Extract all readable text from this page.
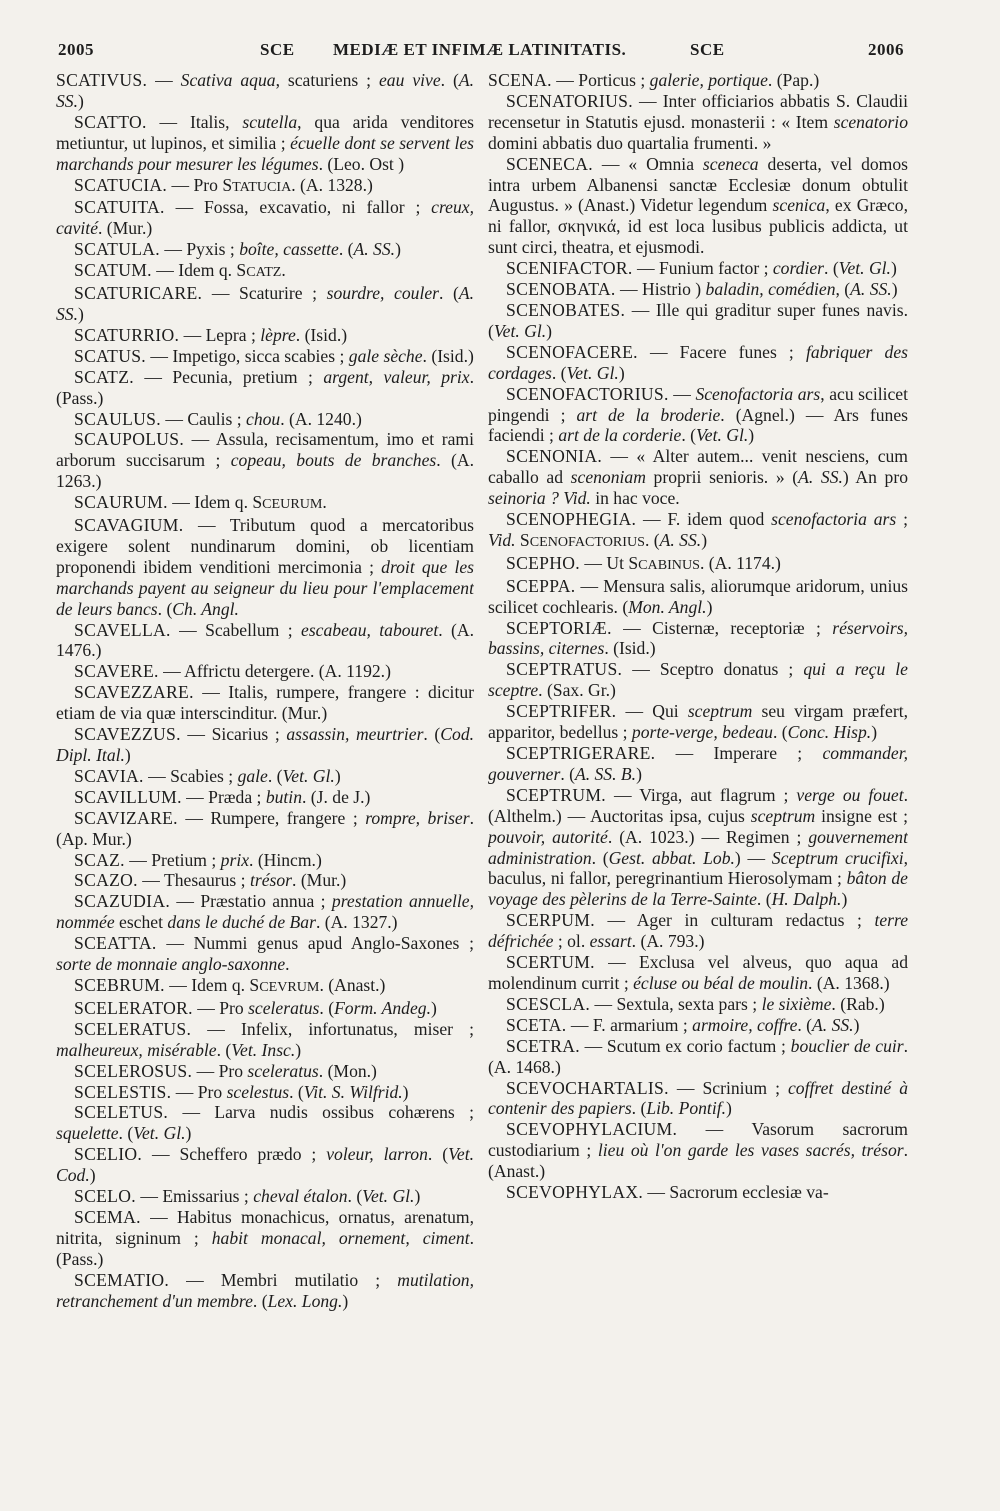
2005	SCE MEDIÆ ET INFIMÆ LATINITATIS.	SCE	2006

SCATIVUS. — Scativa aqua, scaturiens ; eau vive. (A. SS.)

SCATTO. — Italis, scutella, qua arida venditores metiuntur, ut lupinos, et similia ; écuelle dont se servent les marchands pour mesurer les légumes. (Leo. Ost )

SCATUCIA. — Pro STATUCIA. (A. 1328.)

SCATUITA. — Fossa, excavatio, ni fallor ; creux, cavité. (Mur.)

SCATULA. — Pyxis ; boîte, cassette. (A. SS.)

SCATUM. — Idem q. SCATZ.

SCATURICARE. — Scaturire ; sourdre, couler. (A. SS.)

SCATURRIO. — Lepra ; lèpre. (Isid.)

SCATUS. — Impetigo, sicca scabies ; gale sèche. (Isid.)

SCATZ. — Pecunia, pretium ; argent, valeur, prix. (Pass.)

SCAULUS. — Caulis ; chou. (A. 1240.)

SCAUPOLUS. — Assula, recisamentum, imo et rami arborum succisarum ; copeau, bouts de branches. (A. 1263.)

SCAURUM. — Idem q. SCEURUM.

SCAVAGIUM. — Tributum quod a mercatoribus exigere solent nundinarum domini, ob licentiam proponendi ibidem venditioni mercimonia ; droit que les marchands payent au seigneur du lieu pour l'emplacement de leurs bancs. (Ch. Angl.

SCAVELLA. — Scabellum ; escabeau, tabouret. (A. 1476.)

SCAVERE. — Affrictu detergere. (A. 1192.)

SCAVEZZARE. — Italis, rumpere, frangere : dicitur etiam de via quæ interscinditur. (Mur.)

SCAVEZZUS. — Sicarius ; assassin, meurtrier. (Cod. Dipl. Ital.)

SCAVIA. — Scabies ; gale. (Vet. Gl.)

SCAVILLUM. — Præda ; butin. (J. de J.)

SCAVIZARE. — Rumpere, frangere ; rompre, briser. (Ap. Mur.)

SCAZ. — Pretium ; prix. (Hincm.)

SCAZO. — Thesaurus ; trésor. (Mur.)

SCAZUDIA. — Præstatio annua ; prestation annuelle, nommée eschet dans le duché de Bar. (A. 1327.)

SCEATTA. — Nummi genus apud Anglo-Saxones ; sorte de monnaie anglo-saxonne.

SCEBRUM. — Idem q. SCEVRUM. (Anast.)

SCELERATOR. — Pro sceleratus. (Form. Andeg.)

SCELERATUS. — Infelix, infortunatus, miser ; malheureux, misérable. (Vet. Insc.)

SCELEROSUS. — Pro sceleratus. (Mon.)

SCELESTIS. — Pro scelestus. (Vit. S. Wilfrid.)

SCELETUS. — Larva nudis ossibus cohærens ; squelette. (Vet. Gl.)

SCELIO. — Scheffero prædo ; voleur, larron. (Vet. Cod.)

SCELO. — Emissarius ; cheval étalon. (Vet. Gl.)

SCEMA. — Habitus monachicus, ornatus, arenatum, nitrita, signinum ; habit monacal, ornement, ciment. (Pass.)

SCEMATIO. — Membri mutilatio ; mutilation, retranchement d'un membre. (Lex. Long.)

SCENA. — Porticus ; galerie, portique. (Pap.)

SCENATORIUS. — Inter officiarios abbatis S. Claudii recensetur in Statutis ejusd. monasterii : « Item scenatorio domini abbatis duo quartalia frumenti. »

SCENECA. — « Omnia sceneca deserta, vel domos intra urbem Albanensi sanctæ Ecclesiæ donum obtulit Augustus. » (Anast.) Videtur legendum scenica, ex Græco, ni fallor, σκηνικά, id est loca lusibus publicis addicta, ut sunt circi, theatra, et ejusmodi.

SCENIFACTOR. — Funium factor ; cordier. (Vet. Gl.)

SCENOBATA. — Histrio ) baladin, comédien, (A. SS.)

SCENOBATES. — Ille qui graditur super funes navis. (Vet. Gl.)

SCENOFACERE. — Facere funes ; fabriquer des cordages. (Vet. Gl.)

SCENOFACTORIUS. — Scenofactoria ars, acu scilicet pingendi ; art de la broderie. (Agnel.) — Ars funes faciendi ; art de la corderie. (Vet. Gl.)

SCENONIA. — « Alter autem... venit nesciens, cum caballo ad scenoniam proprii senioris. » (A. SS.) An pro seinoria ? Vid. in hac voce.

SCENOPHEGIA. — F. idem quod scenofactoria ars ; Vid. SCENOFACTORIUS. (A. SS.)

SCEPHO. — Ut SCABINUS. (A. 1174.)

SCEPPA. — Mensura salis, aliorumque aridorum, unius scilicet cochlearis. (Mon. Angl.)

SCEPTORIÆ. — Cisternæ, receptoriæ ; réservoirs, bassins, citernes. (Isid.)

SCEPTRATUS. — Sceptro donatus ; qui a reçu le sceptre. (Sax. Gr.)

SCEPTRIFER. — Qui sceptrum seu virgam præfert, apparitor, bedellus ; porte-verge, bedeau. (Conc. Hisp.)

SCEPTRIGERARE. — Imperare ; commander, gouverner. (A. SS. B.)

SCEPTRUM. — Virga, aut flagrum ; verge ou fouet. (Althelm.) — Auctoritas ipsa, cujus sceptrum insigne est ; pouvoir, autorité. (A. 1023.) — Regimen ; gouvernement administration. (Gest. abbat. Lob.) — Sceptrum crucifixi, baculus, ni fallor, peregrinantium Hierosolymam ; bâton de voyage des pèlerins de la Terre-Sainte. (H. Dalph.)

SCERPUM. — Ager in culturam redactus ; terre défrichée ; ol. essart. (A. 793.)

SCERTUM. — Exclusa vel alveus, quo aqua ad molendinum currit ; écluse ou béal de moulin. (A. 1368.)

SCESCLA. — Sextula, sexta pars ; le sixième. (Rab.)

SCETA. — F. armarium ; armoire, coffre. (A. SS.)

SCETRA. — Scutum ex corio factum ; bouclier de cuir. (A. 1468.)

SCEVOCHARTALIS. — Scrinium ; coffret destiné à contenir des papiers. (Lib. Pontif.)

SCEVOPHYLACIUM. — Vasorum sacrorum custodiarium ; lieu où l'on garde les vases sacrés, trésor. (Anast.)

SCEVOPHYLAX. — Sacrorum ecclesiæ va-
